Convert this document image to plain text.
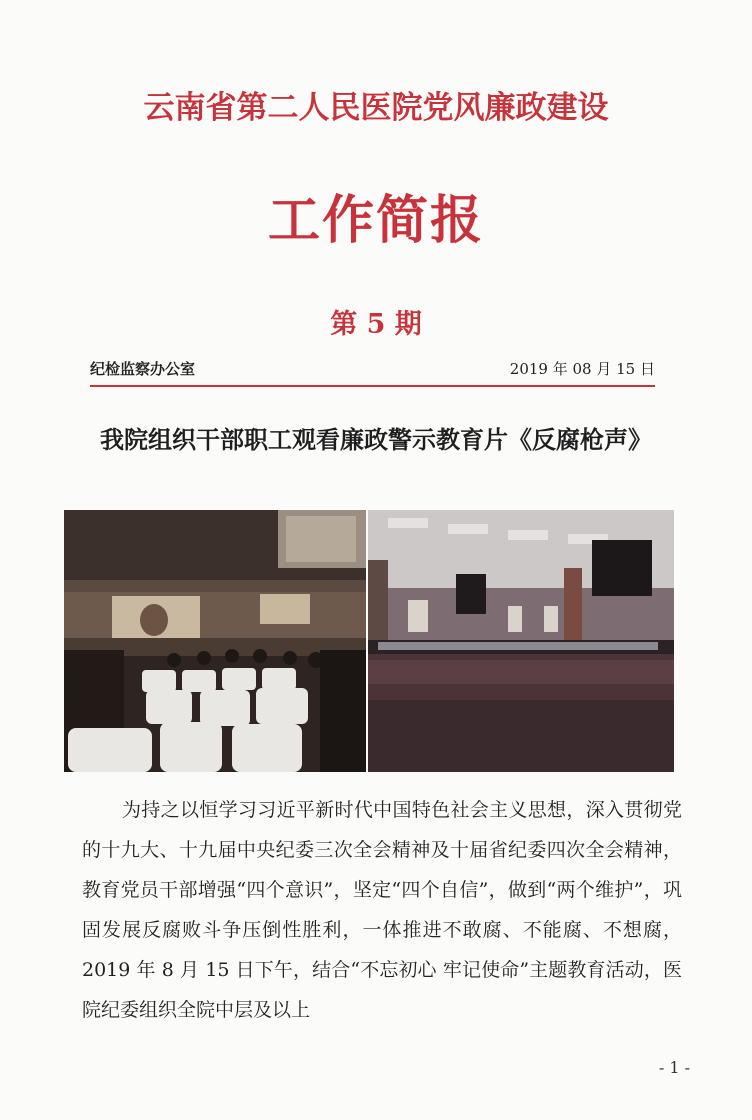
云南省第二人民医院党风廉政建设
工作简报
第 5 期
纪检监察办公室	2019 年 08 月 15 日
我院组织干部职工观看廉政警示教育片《反腐枪声》

为持之以恒学习习近平新时代中国特色社会主义思想，深入贯彻党的十九大、十九届中央纪委三次全会精神及十届省纪委四次全会精神，教育党员干部增强“四个意识”，坚定“四个自信”，做到“两个维护”，巩固发展反腐败斗争压倒性胜利，一体推进不敢腐、不能腐、不想腐，2019 年 8 月 15 日下午，结合“不忘初心 牢记使命”主题教育活动，医院纪委组织全院中层及以上

- 1 -
